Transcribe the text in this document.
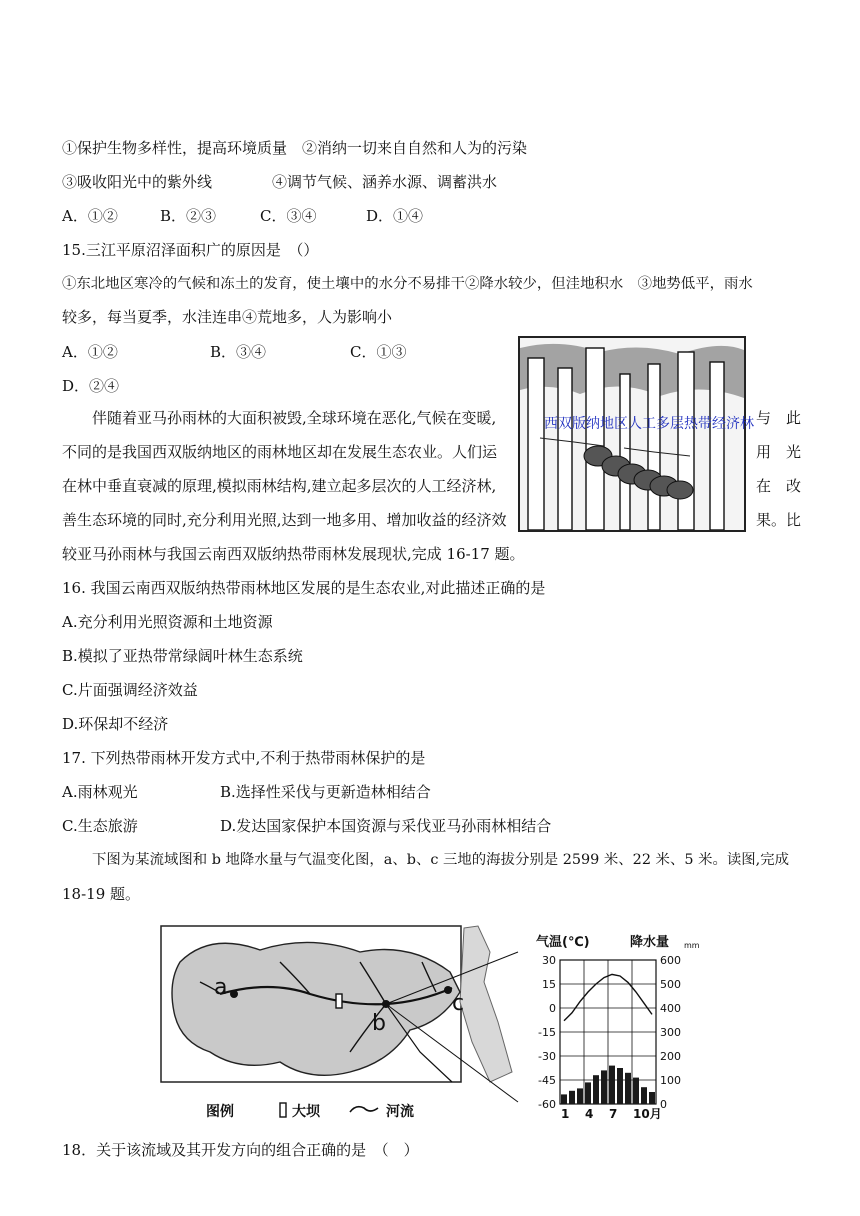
①保护生物多样性，提高环境质量　②消纳一切来自自然和人为的污染
③吸收阳光中的紫外线　　　　④调节气候、涵养水源、调蓄洪水
A．①②	B．②③	C．③④	D．①④
15.三江平原沼泽面积广的原因是　（）
①东北地区寒冷的气候和冻土的发育，使土壤中的水分不易排干②降水较少，但洼地积水　③地势低平，雨水
较多，每当夏季，水洼连串④荒地多，人为影响小
A．①②	B．③④	C．①③
D．②④
西双版纳地区人工多层热带经济林
伴随着亚马孙雨林的大面积被毁,全球环境在恶化,气候在变暖,	与　此
不同的是我国西双版纳地区的雨林地区却在发展生态农业。人们运	用　光
在林中垂直衰减的原理,模拟雨林结构,建立起多层次的人工经济林,	在　改
善生态环境的同时,充分利用光照,达到一地多用、增加收益的经济效	果。比
较亚马孙雨林与我国云南西双版纳热带雨林发展现状,完成 16-17 题。
16. 我国云南西双版纳热带雨林地区发展的是生态农业,对此描述正确的是
A.充分利用光照资源和土地资源
B.模拟了亚热带常绿阔叶林生态系统
C.片面强调经济效益
D.环保却不经济
17. 下列热带雨林开发方式中,不利于热带雨林保护的是
A.雨林观光	B.选择性采伐与更新造林相结合
C.生态旅游	D.发达国家保护本国资源与采伐亚马孙雨林相结合
下图为某流域图和 b 地降水量与气温变化图，a、b、c 三地的海拔分别是 2599 米、22 米、5 米。读图,完成
18-19 题。
a
b
c
图例	大坝	河流
气温(℃)	降水量 mm
30
15
0
-15
-30
-45
-60
600
500
400
300
200
100
0
1 4 7 10月
18．关于该流域及其开发方向的组合正确的是　（　）
